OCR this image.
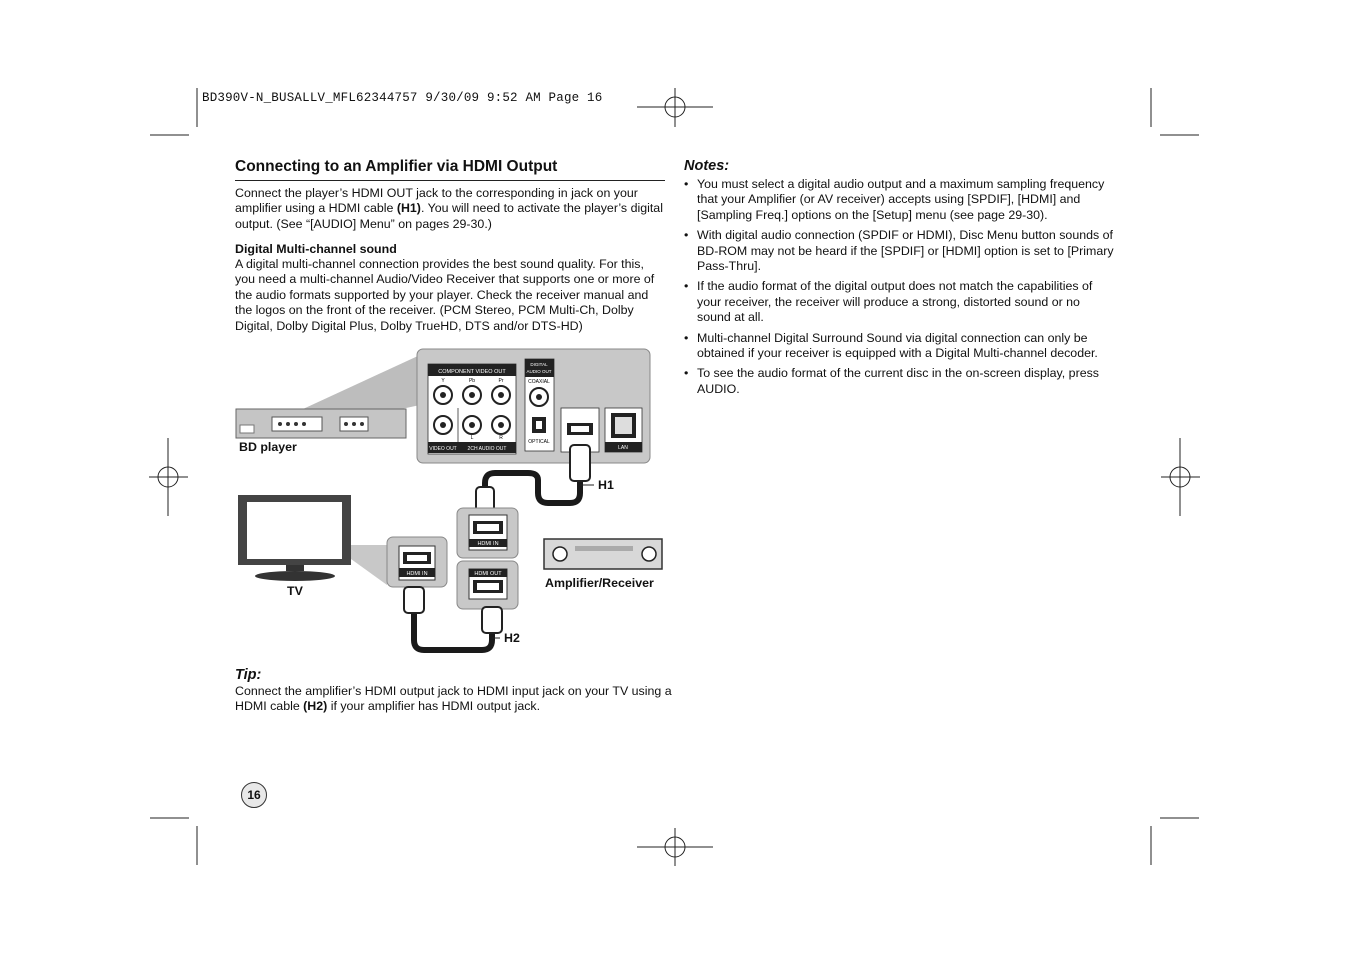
BD390V-N_BUSALLV_MFL62344757 9/30/09 9:52 AM Page 16
Connecting to an Amplifier via HDMI Output
Connect the player’s HDMI OUT jack to the corresponding in jack on your amplifier using a HDMI cable (H1). You will need to activate the player’s digital output. (See “[AUDIO] Menu” on pages 29-30.)
Digital Multi-channel sound
A digital multi-channel connection provides the best sound quality. For this, you need a multi-channel Audio/Video Receiver that supports one or more of the audio formats supported by your player. Check the receiver manual and the logos on the front of the receiver. (PCM Stereo, PCM Multi-Ch, Dolby Digital, Dolby Digital Plus, Dolby TrueHD, DTS and/or DTS-HD)
COMPONENT VIDEO OUT
Y	Pb	Pr
VIDEO OUT 2CH AUDIO OUT
L	R
DIGITAL
AUDIO OUT
COAXIAL
OPTICAL
LAN
HDMI IN
HDMI IN
HDMI OUT
BD player
H1
TV
Amplifier/Receiver
H2
Notes:
• You must select a digital audio output and a maximum sampling frequency that your Amplifier (or AV receiver) accepts using [SPDIF], [HDMI] and [Sampling Freq.] options on the [Setup] menu (see page 29-30).
• With digital audio connection (SPDIF or HDMI), Disc Menu button sounds of BD-ROM may not be heard if the [SPDIF] or [HDMI] option is set to [Primary Pass-Thru].
• If the audio format of the digital output does not match the capabilities of your receiver, the receiver will produce a strong, distorted sound or no sound at all.
• Multi-channel Digital Surround Sound via digital connection can only be obtained if your receiver is equipped with a Digital Multi-channel decoder.
• To see the audio format of the current disc in the on-screen display, press AUDIO.
Tip:
Connect the amplifier’s HDMI output jack to HDMI input jack on your TV using a HDMI cable (H2) if your amplifier has HDMI output jack.
16
